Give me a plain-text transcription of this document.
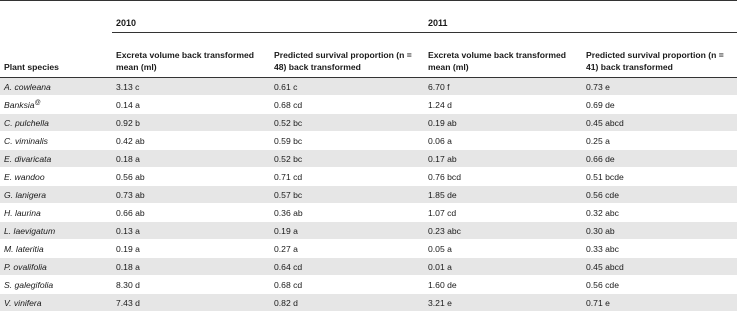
	2010		2011	
Plant species	Excreta volume back transformed mean (ml)	Predicted survival proportion (n = 48) back transformed	Excreta volume back transformed mean (ml)	Predicted survival proportion (n = 41) back transformed
A. cowleana	3.13 c	0.61 c	6.70 f	0.73 e
Banksia@	0.14 a	0.68 cd	1.24 d	0.69 de
C. pulchella	0.92 b	0.52 bc	0.19 ab	0.45 abcd
C. viminalis	0.42 ab	0.59 bc	0.06 a	0.25 a
E. divaricata	0.18 a	0.52 bc	0.17 ab	0.66 de
E. wandoo	0.56 ab	0.71 cd	0.76 bcd	0.51 bcde
G. lanigera	0.73 ab	0.57 bc	1.85 de	0.56 cde
H. laurina	0.66 ab	0.36 ab	1.07 cd	0.32 abc
L. laevigatum	0.13 a	0.19 a	0.23 abc	0.30 ab
M. lateritia	0.19 a	0.27 a	0.05 a	0.33 abc
P. ovalifolia	0.18 a	0.64 cd	0.01 a	0.45 abcd
S. galegifolia	8.30 d	0.68 cd	1.60 de	0.56 cde
V. vinifera	7.43 d	0.82 d	3.21 e	0.71 e
